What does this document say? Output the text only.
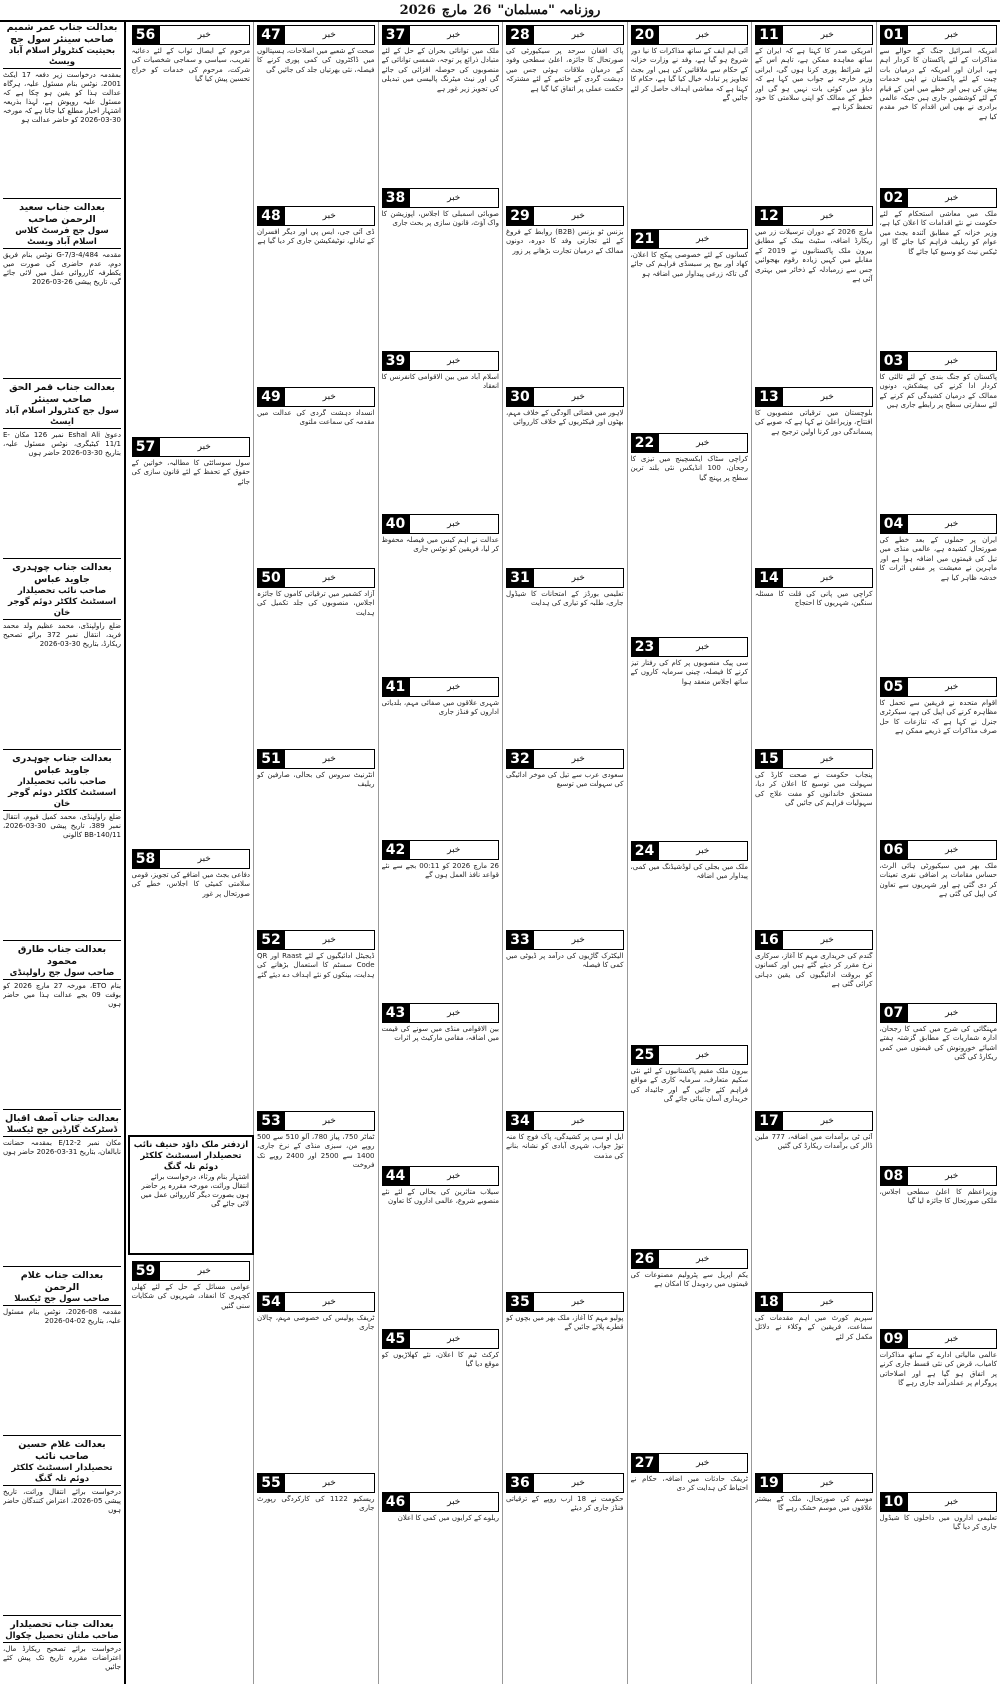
روزنامہ "مسلمان"
26
مارچ
2026
بعدالت جناب عمر شمیم صاحب سینئر سول جج
بحیثیت کنٹرولر اسلام آباد ویسٹ
بمقدمہ درخواست زیر دفعہ 17 ایکٹ 2001، نوٹس بنام مسئول علیہ، ہرگاہ عدالت ہذا کو یقین ہو چکا ہے کہ مسئول علیہ روپوش ہے، لہذا بذریعہ اشتہار اخبار مطلع کیا جاتا ہے کہ مورخہ 30-03-2026 کو حاضر عدالت ہو
بعدالت جناب سعید الرحمن صاحب
سول جج فرسٹ کلاس اسلام آباد ویسٹ
مقدمہ 484/G-7/3-4 نوٹس بنام فریق دوم، عدم حاضری کی صورت میں یکطرفہ کارروائی عمل میں لائی جائے گی، تاریخ پیشی 26-03-2026
بعدالت جناب قمر الحق صاحب سینئر
سول جج کنٹرولر اسلام آباد ایسٹ
دعویٰ Eshal Ali نمبر 126 مکان E-11/1 کیٹیگری، نوٹس مسئول علیہ، بتاریخ 30-03-2026 حاضر ہوں
بعدالت جناب چوہدری جاوید عباس
صاحب نائب تحصیلدار اسسٹنٹ کلکٹر دوئم گوجر خان
ضلع راولپنڈی، محمد عظیم ولد محمد فرید، انتقال نمبر 372 برائے تصحیح ریکارڈ، بتاریخ 30-03-2026
بعدالت جناب چوہدری جاوید عباس
صاحب نائب تحصیلدار اسسٹنٹ کلکٹر دوئم گوجر خان
ضلع راولپنڈی، محمد کمیل قیوم، انتقال نمبر 389، تاریخ پیشی 30-03-2026، BB-140/11 کالونی
بعدالت جناب طارق محمود
صاحب سول جج راولپنڈی
بنام ETO، مورخہ 27 مارچ 2026 کو بوقت 09 بجے عدالت ہذا میں حاضر ہوں
بعدالت جناب آصف اقبال
ڈسٹرکٹ گارڈین جج ٹیکسلا
مکان نمبر 2-E/12 بمقدمہ حضانت نابالغان، بتاریخ 31-03-2026 حاضر ہوں
بعدالت جناب غلام الرحمن
صاحب سول جج ٹیکسلا
مقدمہ 08-2026، نوٹس بنام مسئول علیہ، بتاریخ 02-04-2026
بعدالت غلام حسین صاحب نائب
تحصیلدار اسسٹنٹ کلکٹر دوئم تلہ گنگ
درخواست برائے انتقال وراثت، تاریخ پیشی 05-2026، اعتراض کنندگان حاضر ہوں
بعدالت جناب تحصیلدار
صاحب ملتان تحصیل چکوال
درخواست برائے تصحیح ریکارڈ مال، اعتراضات مقررہ تاریخ تک پیش کئے جائیں
01	خبر
امریکہ اسرائیل جنگ کے حوالے سے مذاکرات کے لئے پاکستان کا کردار اہم ہے، ایران اور امریکہ کے درمیان بات چیت کے لئے پاکستان نے اپنی خدمات پیش کی ہیں اور خطے میں امن کے قیام کے لئے کوششیں جاری ہیں جبکہ عالمی برادری نے بھی اس اقدام کا خیر مقدم کیا ہے
02	خبر
ملک میں معاشی استحکام کے لئے حکومت نے نئے اقدامات کا اعلان کیا ہے، وزیر خزانہ کے مطابق آئندہ بجٹ میں عوام کو ریلیف فراہم کیا جائے گا اور ٹیکس نیٹ کو وسیع کیا جائے گا
03	خبر
پاکستان کو جنگ بندی کے لئے ثالثی کا کردار ادا کرنے کی پیشکش، دونوں ممالک کے درمیان کشیدگی کم کرنے کے لئے سفارتی سطح پر رابطے جاری ہیں
04	خبر
ایران پر حملوں کے بعد خطے کی صورتحال کشیدہ ہے، عالمی منڈی میں تیل کی قیمتوں میں اضافہ ہوا ہے اور ماہرین نے معیشت پر منفی اثرات کا خدشہ ظاہر کیا ہے
05	خبر
اقوام متحدہ نے فریقین سے تحمل کا مظاہرہ کرنے کی اپیل کی ہے، سیکرٹری جنرل نے کہا ہے کہ تنازعات کا حل صرف مذاکرات کے ذریعے ممکن ہے
06	خبر
ملک بھر میں سیکیورٹی ہائی الرٹ، حساس مقامات پر اضافی نفری تعینات کر دی گئی ہے اور شہریوں سے تعاون کی اپیل کی گئی ہے
07	خبر
مہنگائی کی شرح میں کمی کا رجحان، ادارہ شماریات کے مطابق گزشتہ ہفتے اشیائے خورونوش کی قیمتوں میں کمی ریکارڈ کی گئی
08	خبر
وزیراعظم کا اعلیٰ سطحی اجلاس، ملکی صورتحال کا جائزہ لیا گیا
09	خبر
عالمی مالیاتی ادارے کے ساتھ مذاکرات کامیاب، قرض کی نئی قسط جاری کرنے پر اتفاق ہو گیا ہے اور اصلاحاتی پروگرام پر عملدرآمد جاری رہے گا
10	خبر
تعلیمی اداروں میں داخلوں کا شیڈول جاری کر دیا گیا
11	خبر
امریکی صدر کا کہنا ہے کہ ایران کے ساتھ معاہدہ ممکن ہے، تاہم اس کے لئے شرائط پوری کرنا ہوں گی، ایرانی وزیر خارجہ نے جواب میں کہا ہے کہ دباؤ میں کوئی بات نہیں ہو گی اور خطے کے ممالک کو اپنی سلامتی کا خود تحفظ کرنا ہے
12	خبر
مارچ 2026 کے دوران ترسیلات زر میں ریکارڈ اضافہ، سٹیٹ بینک کے مطابق بیرون ملک پاکستانیوں نے 2019 کے مقابلے میں کہیں زیادہ رقوم بھجوائیں جس سے زرمبادلہ کے ذخائر میں بہتری آئی ہے
13	خبر
بلوچستان میں ترقیاتی منصوبوں کا افتتاح، وزیراعلیٰ نے کہا ہے کہ صوبے کی پسماندگی دور کرنا اولین ترجیح ہے
14	خبر
کراچی میں پانی کی قلت کا مسئلہ سنگین، شہریوں کا احتجاج
15	خبر
پنجاب حکومت نے صحت کارڈ کی سہولت میں توسیع کا اعلان کر دیا، مستحق خاندانوں کو مفت علاج کی سہولیات فراہم کی جائیں گی
16	خبر
گندم کی خریداری مہم کا آغاز، سرکاری نرخ مقرر کر دیئے گئے ہیں اور کسانوں کو بروقت ادائیگیوں کی یقین دہانی کرائی گئی ہے
17	خبر
آئی ٹی برآمدات میں اضافہ، 777 ملین ڈالر کی برآمدات ریکارڈ کی گئیں
18	خبر
سپریم کورٹ میں اہم مقدمات کی سماعت، فریقین کے وکلاء نے دلائل مکمل کر لئے
19	خبر
موسم کی صورتحال، ملک کے بیشتر علاقوں میں موسم خشک رہے گا
20	خبر
آئی ایم ایف کے ساتھ مذاکرات کا نیا دور شروع ہو گیا ہے، وفد نے وزارت خزانہ کے حکام سے ملاقاتیں کی ہیں اور بجٹ تجاویز پر تبادلہ خیال کیا گیا ہے، حکام کا کہنا ہے کہ معاشی اہداف حاصل کر لئے جائیں گے
21	خبر
کسانوں کے لئے خصوصی پیکج کا اعلان، کھاد اور بیج پر سبسڈی فراہم کی جائے گی تاکہ زرعی پیداوار میں اضافہ ہو
22	خبر
کراچی سٹاک ایکسچینج میں تیزی کا رجحان، 100 انڈیکس نئی بلند ترین سطح پر پہنچ گیا
23	خبر
سی پیک منصوبوں پر کام کی رفتار تیز کرنے کا فیصلہ، چینی سرمایہ کاروں کے ساتھ اجلاس منعقد ہوا
24	خبر
ملک میں بجلی کی لوڈشیڈنگ میں کمی، پیداوار میں اضافہ
25	خبر
بیرون ملک مقیم پاکستانیوں کے لئے نئی سکیم متعارف، سرمایہ کاری کے مواقع فراہم کئے جائیں گے اور جائیداد کی خریداری آسان بنائی جائے گی
26	خبر
یکم اپریل سے پٹرولیم مصنوعات کی قیمتوں میں ردوبدل کا امکان ہے
27	خبر
ٹریفک حادثات میں اضافہ، حکام نے احتیاط کی ہدایت کر دی
28	خبر
پاک افغان سرحد پر سیکیورٹی کی صورتحال کا جائزہ، اعلیٰ سطحی وفود کے درمیان ملاقات ہوئی جس میں دہشت گردی کے خاتمے کے لئے مشترکہ حکمت عملی پر اتفاق کیا گیا ہے
29	خبر
بزنس ٹو بزنس (B2B) روابط کے فروغ کے لئے تجارتی وفد کا دورہ، دونوں ممالک کے درمیان تجارت بڑھانے پر زور
30	خبر
لاہور میں فضائی آلودگی کے خلاف مہم، بھٹوں اور فیکٹریوں کے خلاف کارروائی
31	خبر
تعلیمی بورڈز کے امتحانات کا شیڈول جاری، طلبہ کو تیاری کی ہدایت
32	خبر
سعودی عرب سے تیل کی موخر ادائیگی کی سہولت میں توسیع
33	خبر
الیکٹرک گاڑیوں کی درآمد پر ڈیوٹی میں کمی کا فیصلہ
34	خبر
ایل او سی پر کشیدگی، پاک فوج کا منہ توڑ جواب، شہری آبادی کو نشانہ بنانے کی مذمت
35	خبر
پولیو مہم کا آغاز، ملک بھر میں بچوں کو قطرے پلائے جائیں گے
36	خبر
حکومت نے 18 ارب روپے کے ترقیاتی فنڈز جاری کر دیئے
37	خبر
ملک میں توانائی بحران کے حل کے لئے متبادل ذرائع پر توجہ، شمسی توانائی کے منصوبوں کی حوصلہ افزائی کی جائے گی اور نیٹ میٹرنگ پالیسی میں تبدیلی کی تجویز زیر غور ہے
38	خبر
صوبائی اسمبلی کا اجلاس، اپوزیشن کا واک آؤٹ، قانون سازی پر بحث جاری
39	خبر
اسلام آباد میں بین الاقوامی کانفرنس کا انعقاد
40	خبر
عدالت نے اہم کیس میں فیصلہ محفوظ کر لیا، فریقین کو نوٹس جاری
41	خبر
شہری علاقوں میں صفائی مہم، بلدیاتی اداروں کو فنڈز جاری
42	خبر
26 مارچ 2026 کو 00:11 بجے سے نئے قواعد نافذ العمل ہوں گے
43	خبر
بین الاقوامی منڈی میں سونے کی قیمت میں اضافہ، مقامی مارکیٹ پر اثرات
44	خبر
سیلاب متاثرین کی بحالی کے لئے نئے منصوبے شروع، عالمی اداروں کا تعاون
45	خبر
کرکٹ ٹیم کا اعلان، نئے کھلاڑیوں کو موقع دیا گیا
46	خبر
ریلوے کے کرایوں میں کمی کا اعلان
47	خبر
صحت کے شعبے میں اصلاحات، ہسپتالوں میں ڈاکٹروں کی کمی پوری کرنے کا فیصلہ، نئی بھرتیاں جلد کی جائیں گی
48	خبر
ڈی آئی جی، ایس پی اور دیگر افسران کے تبادلے، نوٹیفکیشن جاری کر دیا گیا ہے
49	خبر
انسداد دہشت گردی کی عدالت میں مقدمہ کی سماعت ملتوی
50	خبر
آزاد کشمیر میں ترقیاتی کاموں کا جائزہ اجلاس، منصوبوں کی جلد تکمیل کی ہدایت
51	خبر
انٹرنیٹ سروس کی بحالی، صارفین کو ریلیف
52	خبر
ڈیجیٹل ادائیگیوں کے لئے Raast اور QR Code سسٹم کا استعمال بڑھانے کی ہدایت، بینکوں کو نئے اہداف دے دیئے گئے
53	خبر
ٹماٹر 750، پیاز 780، آلو 510 سے 500 روپے من، سبزی منڈی کے نرخ جاری، 1400 سے 2500 اور 2400 روپے تک فروخت
54	خبر
ٹریفک پولیس کی خصوصی مہم، چالان جاری
55	خبر
ریسکیو 1122 کی کارکردگی رپورٹ جاری
56	خبر
مرحوم کے ایصال ثواب کے لئے دعائیہ تقریب، سیاسی و سماجی شخصیات کی شرکت، مرحوم کی خدمات کو خراج تحسین پیش کیا گیا
57	خبر
سول سوسائٹی کا مطالبہ، خواتین کے حقوق کے تحفظ کے لئے قانون سازی کی جائے
58	خبر
دفاعی بجٹ میں اضافے کی تجویز، قومی سلامتی کمیٹی کا اجلاس، خطے کی صورتحال پر غور
59	خبر
عوامی مسائل کے حل کے لئے کھلی کچہری کا انعقاد، شہریوں کی شکایات سنی گئیں
ازدفتر ملک داؤد حنیف نائب تحصیلدار اسسٹنٹ کلکٹر دوئم تلہ گنگ
اشتہار بنام ورثاء، درخواست برائے انتقال وراثت، مورخہ مقررہ پر حاضر ہوں بصورت دیگر کارروائی عمل میں لائی جائے گی
